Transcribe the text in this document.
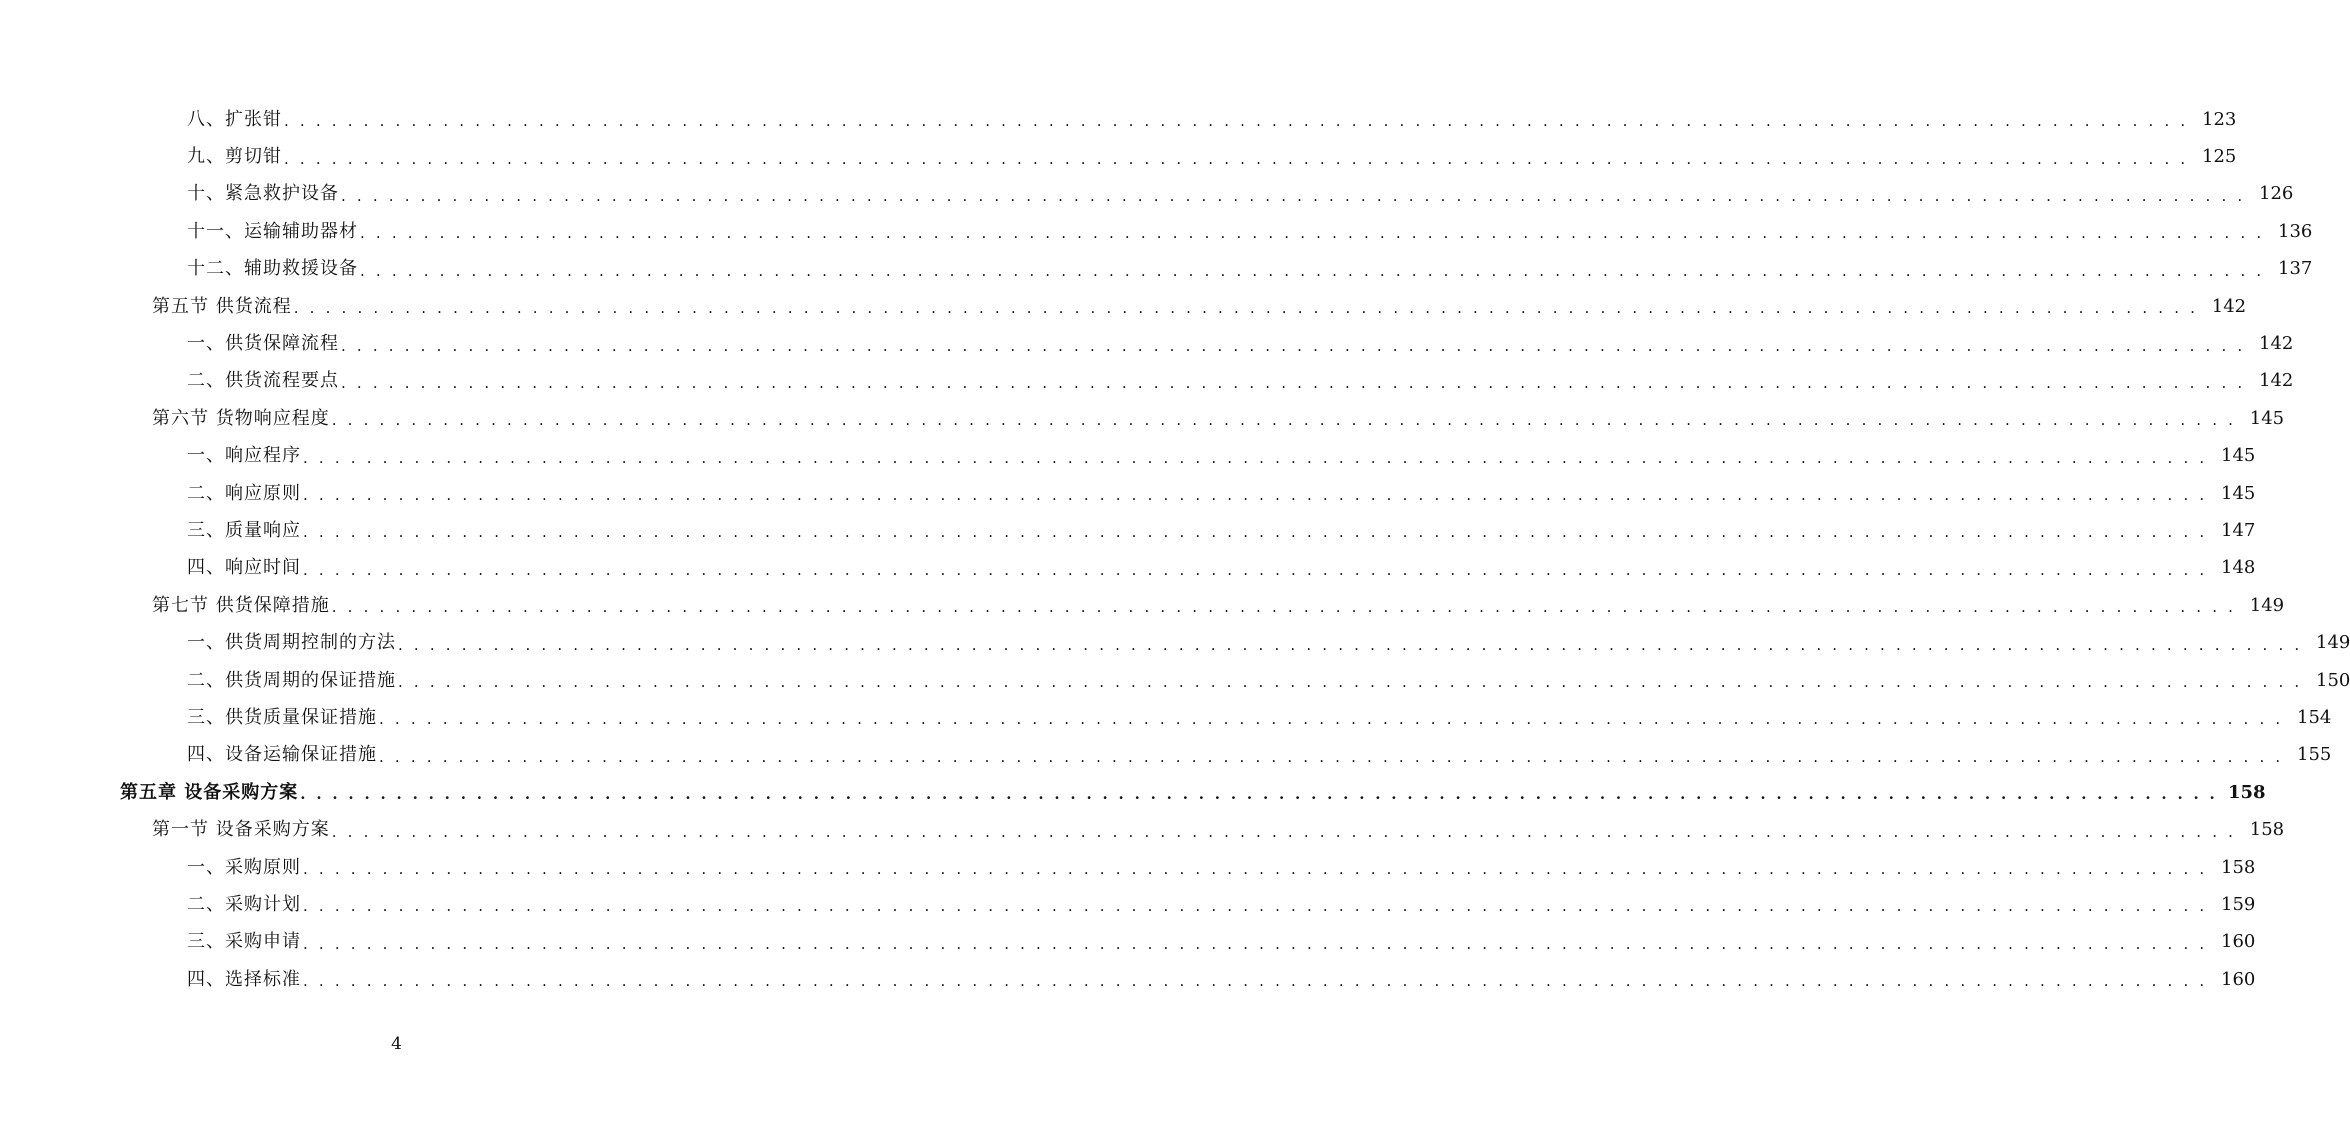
八、扩张钳 . . . . . . . . . . . . . . . . . . . . . . . . . . . . . . . . . . . . . . . . . . . . . . . . . . . . . . . . . . . . . . . . . . . . . . . . . . . . . . . . . . . . . . . . . . . . . . . . . . . . . . . . . . . . . . . . . . . . . . . . 123
九、剪切钳 . . . . . . . . . . . . . . . . . . . . . . . . . . . . . . . . . . . . . . . . . . . . . . . . . . . . . . . . . . . . . . . . . . . . . . . . . . . . . . . . . . . . . . . . . . . . . . . . . . . . . . . . . . . . . . . . . . . . . . . . 125
十、紧急救护设备 . . . . . . . . . . . . . . . . . . . . . . . . . . . . . . . . . . . . . . . . . . . . . . . . . . . . . . . . . . . . . . . . . . . . . . . . . . . . . . . . . . . . . . . . . . . . . . . . . . . . . . . . . . . . . . . . . . . . . . . . 126
十一、运输辅助器材 . . . . . . . . . . . . . . . . . . . . . . . . . . . . . . . . . . . . . . . . . . . . . . . . . . . . . . . . . . . . . . . . . . . . . . . . . . . . . . . . . . . . . . . . . . . . . . . . . . . . . . . . . . . . . . . . . . . . . . . . 136
十二、辅助救援设备 . . . . . . . . . . . . . . . . . . . . . . . . . . . . . . . . . . . . . . . . . . . . . . . . . . . . . . . . . . . . . . . . . . . . . . . . . . . . . . . . . . . . . . . . . . . . . . . . . . . . . . . . . . . . . . . . . . . . . . . . 137
第五节 供货流程 . . . . . . . . . . . . . . . . . . . . . . . . . . . . . . . . . . . . . . . . . . . . . . . . . . . . . . . . . . . . . . . . . . . . . . . . . . . . . . . . . . . . . . . . . . . . . . . . . . . . . . . . . . . . . . . . . . . . . . . . 142
一、供货保障流程 . . . . . . . . . . . . . . . . . . . . . . . . . . . . . . . . . . . . . . . . . . . . . . . . . . . . . . . . . . . . . . . . . . . . . . . . . . . . . . . . . . . . . . . . . . . . . . . . . . . . . . . . . . . . . . . . . . . . . . . . 142
二、供货流程要点 . . . . . . . . . . . . . . . . . . . . . . . . . . . . . . . . . . . . . . . . . . . . . . . . . . . . . . . . . . . . . . . . . . . . . . . . . . . . . . . . . . . . . . . . . . . . . . . . . . . . . . . . . . . . . . . . . . . . . . . . 142
第六节 货物响应程度 . . . . . . . . . . . . . . . . . . . . . . . . . . . . . . . . . . . . . . . . . . . . . . . . . . . . . . . . . . . . . . . . . . . . . . . . . . . . . . . . . . . . . . . . . . . . . . . . . . . . . . . . . . . . . . . . . . . . . . . . 145
一、响应程序 . . . . . . . . . . . . . . . . . . . . . . . . . . . . . . . . . . . . . . . . . . . . . . . . . . . . . . . . . . . . . . . . . . . . . . . . . . . . . . . . . . . . . . . . . . . . . . . . . . . . . . . . . . . . . . . . . . . . . . . . 145
二、响应原则 . . . . . . . . . . . . . . . . . . . . . . . . . . . . . . . . . . . . . . . . . . . . . . . . . . . . . . . . . . . . . . . . . . . . . . . . . . . . . . . . . . . . . . . . . . . . . . . . . . . . . . . . . . . . . . . . . . . . . . . . 145
三、质量响应 . . . . . . . . . . . . . . . . . . . . . . . . . . . . . . . . . . . . . . . . . . . . . . . . . . . . . . . . . . . . . . . . . . . . . . . . . . . . . . . . . . . . . . . . . . . . . . . . . . . . . . . . . . . . . . . . . . . . . . . . 147
四、响应时间 . . . . . . . . . . . . . . . . . . . . . . . . . . . . . . . . . . . . . . . . . . . . . . . . . . . . . . . . . . . . . . . . . . . . . . . . . . . . . . . . . . . . . . . . . . . . . . . . . . . . . . . . . . . . . . . . . . . . . . . . 148
第七节 供货保障措施 . . . . . . . . . . . . . . . . . . . . . . . . . . . . . . . . . . . . . . . . . . . . . . . . . . . . . . . . . . . . . . . . . . . . . . . . . . . . . . . . . . . . . . . . . . . . . . . . . . . . . . . . . . . . . . . . . . . . . . . . 149
一、供货周期控制的方法 . . . . . . . . . . . . . . . . . . . . . . . . . . . . . . . . . . . . . . . . . . . . . . . . . . . . . . . . . . . . . . . . . . . . . . . . . . . . . . . . . . . . . . . . . . . . . . . . . . . . . . . . . . . . . . . . . . . . . . . . 149
二、供货周期的保证措施 . . . . . . . . . . . . . . . . . . . . . . . . . . . . . . . . . . . . . . . . . . . . . . . . . . . . . . . . . . . . . . . . . . . . . . . . . . . . . . . . . . . . . . . . . . . . . . . . . . . . . . . . . . . . . . . . . . . . . . . . 150
三、供货质量保证措施 . . . . . . . . . . . . . . . . . . . . . . . . . . . . . . . . . . . . . . . . . . . . . . . . . . . . . . . . . . . . . . . . . . . . . . . . . . . . . . . . . . . . . . . . . . . . . . . . . . . . . . . . . . . . . . . . . . . . . . . . 154
四、设备运输保证措施 . . . . . . . . . . . . . . . . . . . . . . . . . . . . . . . . . . . . . . . . . . . . . . . . . . . . . . . . . . . . . . . . . . . . . . . . . . . . . . . . . . . . . . . . . . . . . . . . . . . . . . . . . . . . . . . . . . . . . . . . 155
第五章 设备采购方案 . . . . . . . . . . . . . . . . . . . . . . . . . . . . . . . . . . . . . . . . . . . . . . . . . . . . . . . . . . . . . . . . . . . . . . . . . . . . . . . . . . . . . . . . . . . . . . . . . . . . . . . . . . . . . . . . . . . . . . . . 158
第一节 设备采购方案 . . . . . . . . . . . . . . . . . . . . . . . . . . . . . . . . . . . . . . . . . . . . . . . . . . . . . . . . . . . . . . . . . . . . . . . . . . . . . . . . . . . . . . . . . . . . . . . . . . . . . . . . . . . . . . . . . . . . . . . . 158
一、采购原则 . . . . . . . . . . . . . . . . . . . . . . . . . . . . . . . . . . . . . . . . . . . . . . . . . . . . . . . . . . . . . . . . . . . . . . . . . . . . . . . . . . . . . . . . . . . . . . . . . . . . . . . . . . . . . . . . . . . . . . . . 158
二、采购计划 . . . . . . . . . . . . . . . . . . . . . . . . . . . . . . . . . . . . . . . . . . . . . . . . . . . . . . . . . . . . . . . . . . . . . . . . . . . . . . . . . . . . . . . . . . . . . . . . . . . . . . . . . . . . . . . . . . . . . . . . 159
三、采购申请 . . . . . . . . . . . . . . . . . . . . . . . . . . . . . . . . . . . . . . . . . . . . . . . . . . . . . . . . . . . . . . . . . . . . . . . . . . . . . . . . . . . . . . . . . . . . . . . . . . . . . . . . . . . . . . . . . . . . . . . . 160
四、选择标准 . . . . . . . . . . . . . . . . . . . . . . . . . . . . . . . . . . . . . . . . . . . . . . . . . . . . . . . . . . . . . . . . . . . . . . . . . . . . . . . . . . . . . . . . . . . . . . . . . . . . . . . . . . . . . . . . . . . . . . . . 160
4
